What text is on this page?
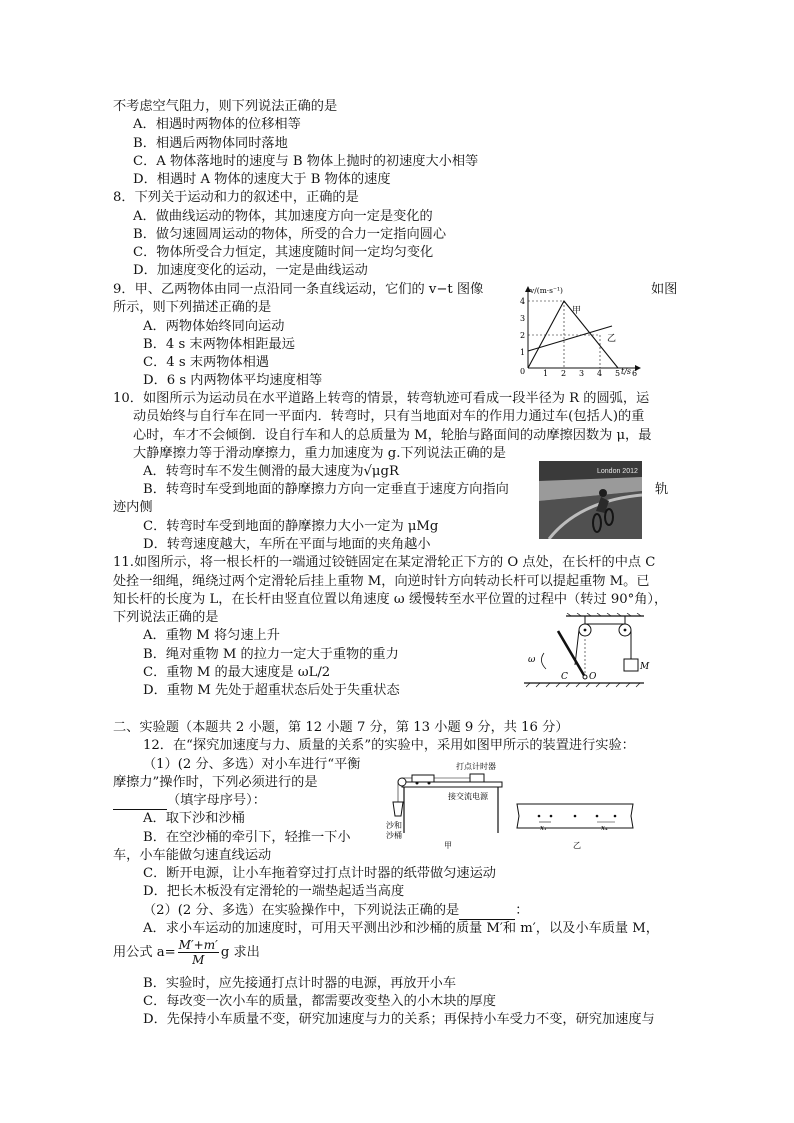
不考虑空气阻力，则下列说法正确的是
A．相遇时两物体的位移相等
B．相遇后两物体同时落地
C．A 物体落地时的速度与 B 物体上抛时的初速度大小相等
D．相遇时 A 物体的速度大于 B 物体的速度
8．下列关于运动和力的叙述中，正确的是
A．做曲线运动的物体，其加速度方向一定是变化的
B．做匀速圆周运动的物体，所受的合力一定指向圆心
C．物体所受合力恒定，其速度随时间一定均匀变化
D．加速度变化的运动，一定是曲线运动
9．甲、乙两物体由同一点沿同一条直线运动，它们的 v−t 图像	如图
所示，则下列描述正确的是
A．两物体始终同向运动
B．4 s 末两物体相距最远
C．4 s 末两物体相遇
D．6 s 内两物体平均速度相等
v/(m·s⁻¹)
t/s
4
3
2
1
0 1 2 3 4 5 6
甲
乙
10．如图所示为运动员在水平道路上转弯的情景，转弯轨迹可看成一段半径为 R 的圆弧，运
动员始终与自行车在同一平面内．转弯时，只有当地面对车的作用力通过车(包括人)的重
心时，车才不会倾倒．设自行车和人的总质量为 M，轮胎与路面间的动摩擦因数为 μ，最
大静摩擦力等于滑动摩擦力，重力加速度为 g.下列说法正确的是
A．转弯时车不发生侧滑的最大速度为√μgR
B．转弯时车受到地面的静摩擦力方向一定垂直于速度方向指向	轨
迹内侧
C．转弯时车受到地面的静摩擦力大小一定为 μMg
D．转弯速度越大，车所在平面与地面的夹角越小
London 2012
11.如图所示，将一根长杆的一端通过铰链固定在某定滑轮正下方的 O 点处，在长杆的中点 C
处拴一细绳，绳绕过两个定滑轮后挂上重物 M，向逆时针方向转动长杆可以提起重物 M。已
知长杆的长度为 L，在长杆由竖直位置以角速度 ω 缓慢转至水平位置的过程中（转过 90°角），
下列说法正确的是
A．重物 M 将匀速上升
B．绳对重物 M 的拉力一定大于重物的重力
C．重物 M 的最大速度是 ωL/2
D．重物 M 先处于超重状态后处于失重状态
M
ω
C O
二、实验题（本题共 2 小题，第 12 小题 7 分，第 13 小题 9 分，共 16 分）
12．在“探究加速度与力、质量的关系”的实验中，采用如图甲所示的装置进行实验：
（1）(2 分、多选）对小车进行“平衡
摩擦力”操作时，下列必须进行的是
（填字母序号）：
A．取下沙和沙桶
B．在空沙桶的牵引下，轻推一下小
车，小车能做匀速直线运动
C．断开电源，让小车拖着穿过打点计时器的纸带做匀速运动
D．把长木板没有定滑轮的一端垫起适当高度
（2）(2 分、多选）在实验操作中，下列说法正确的是	：
A．求小车运动的加速度时，可用天平测出沙和沙桶的质量 M′和 m′，以及小车质量 M，
用公式 $a= \frac{M'+m'}{M}$ g 求出
B．实验时，应先接通打点计时器的电源，再放开小车
C．每改变一次小车的质量，都需要改变垫入的小木块的厚度
D．先保持小车质量不变，研究加速度与力的关系；再保持小车受力不变，研究加速度与
打点计时器
接交流电源
沙和
沙桶
甲
x₁	x₄
乙
